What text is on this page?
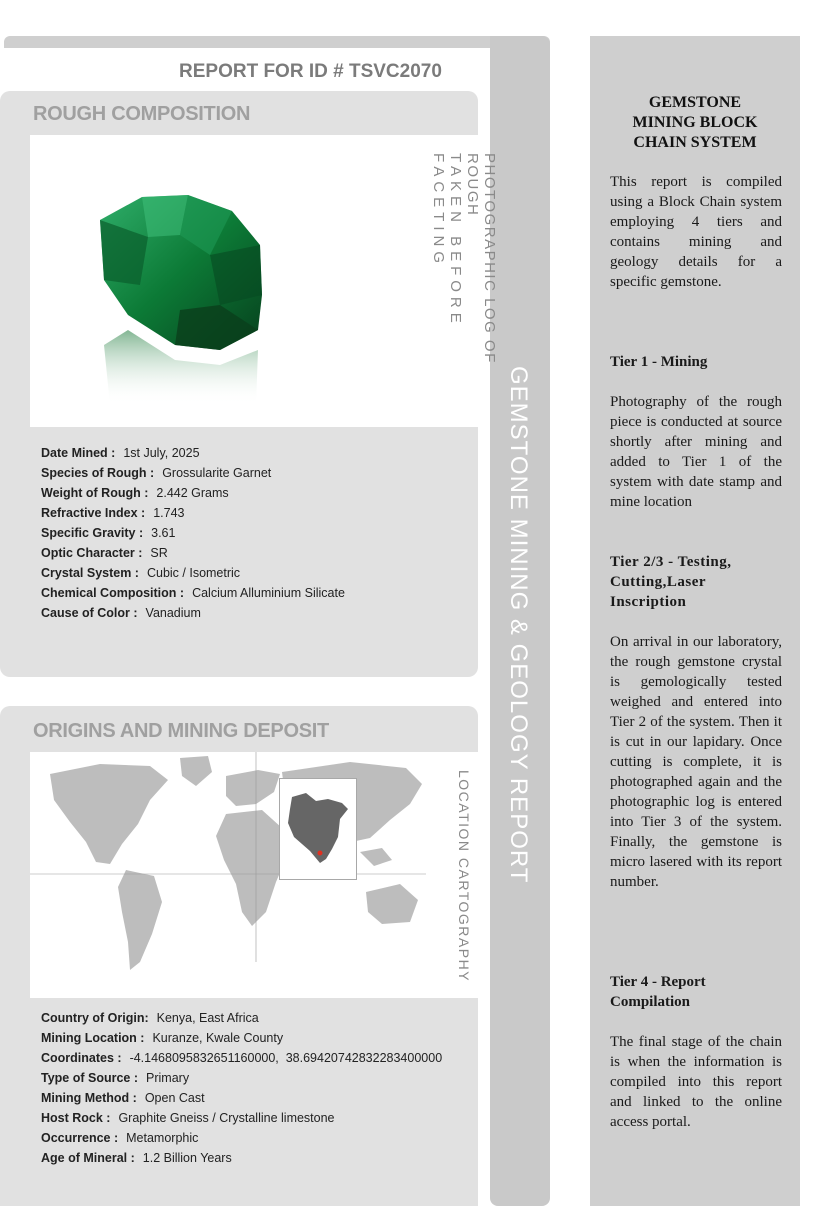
GEMSTONE MINING & GEOLOGY REPORT
REPORT FOR ID # TSVC2070
ROUGH COMPOSITION
PHOTOGRAPHIC LOG OF ROUGH
TAKEN BEFORE FACETING
Date Mined : 1st July, 2025
Species of Rough : Grossularite Garnet
Weight of Rough : 2.442 Grams
Refractive Index : 1.743
Specific Gravity : 3.61
Optic Character : SR
Crystal System : Cubic / Isometric
Chemical Composition : Calcium Alluminium Silicate
Cause of Color : Vanadium
ORIGINS AND MINING DEPOSIT
LOCATION CARTOGRAPHY
Country of Origin: Kenya, East Africa
Mining Location : Kuranze, Kwale County
Coordinates : -4.1468095832651160000,  38.69420742832283400000
Type of Source : Primary
Mining Method : Open Cast
Host Rock : Graphite Gneiss / Crystalline limestone
Occurrence : Metamorphic
Age of Mineral : 1.2 Billion Years
GEMSTONE MINING BLOCK CHAIN SYSTEM
This report is compiled using a Block Chain system employing 4 tiers and contains mining and geology details for a specific gemstone.
Tier 1 - Mining
Photography of the rough piece is conducted at source shortly after mining and added to Tier 1 of the system with date stamp and mine location
Tier 2/3 - Testing, Cutting,Laser Inscription
On arrival in our laboratory, the rough gemstone crystal is gemologically tested weighed and entered into Tier 2 of the system. Then it is cut in our lapidary. Once cutting is complete, it is photographed again and the photographic log is entered into Tier 3 of the system. Finally, the gemstone is micro lasered with its report number.
Tier 4 - Report Compilation
The final stage of the chain is when the information is compiled into this report and linked to the online access portal.
